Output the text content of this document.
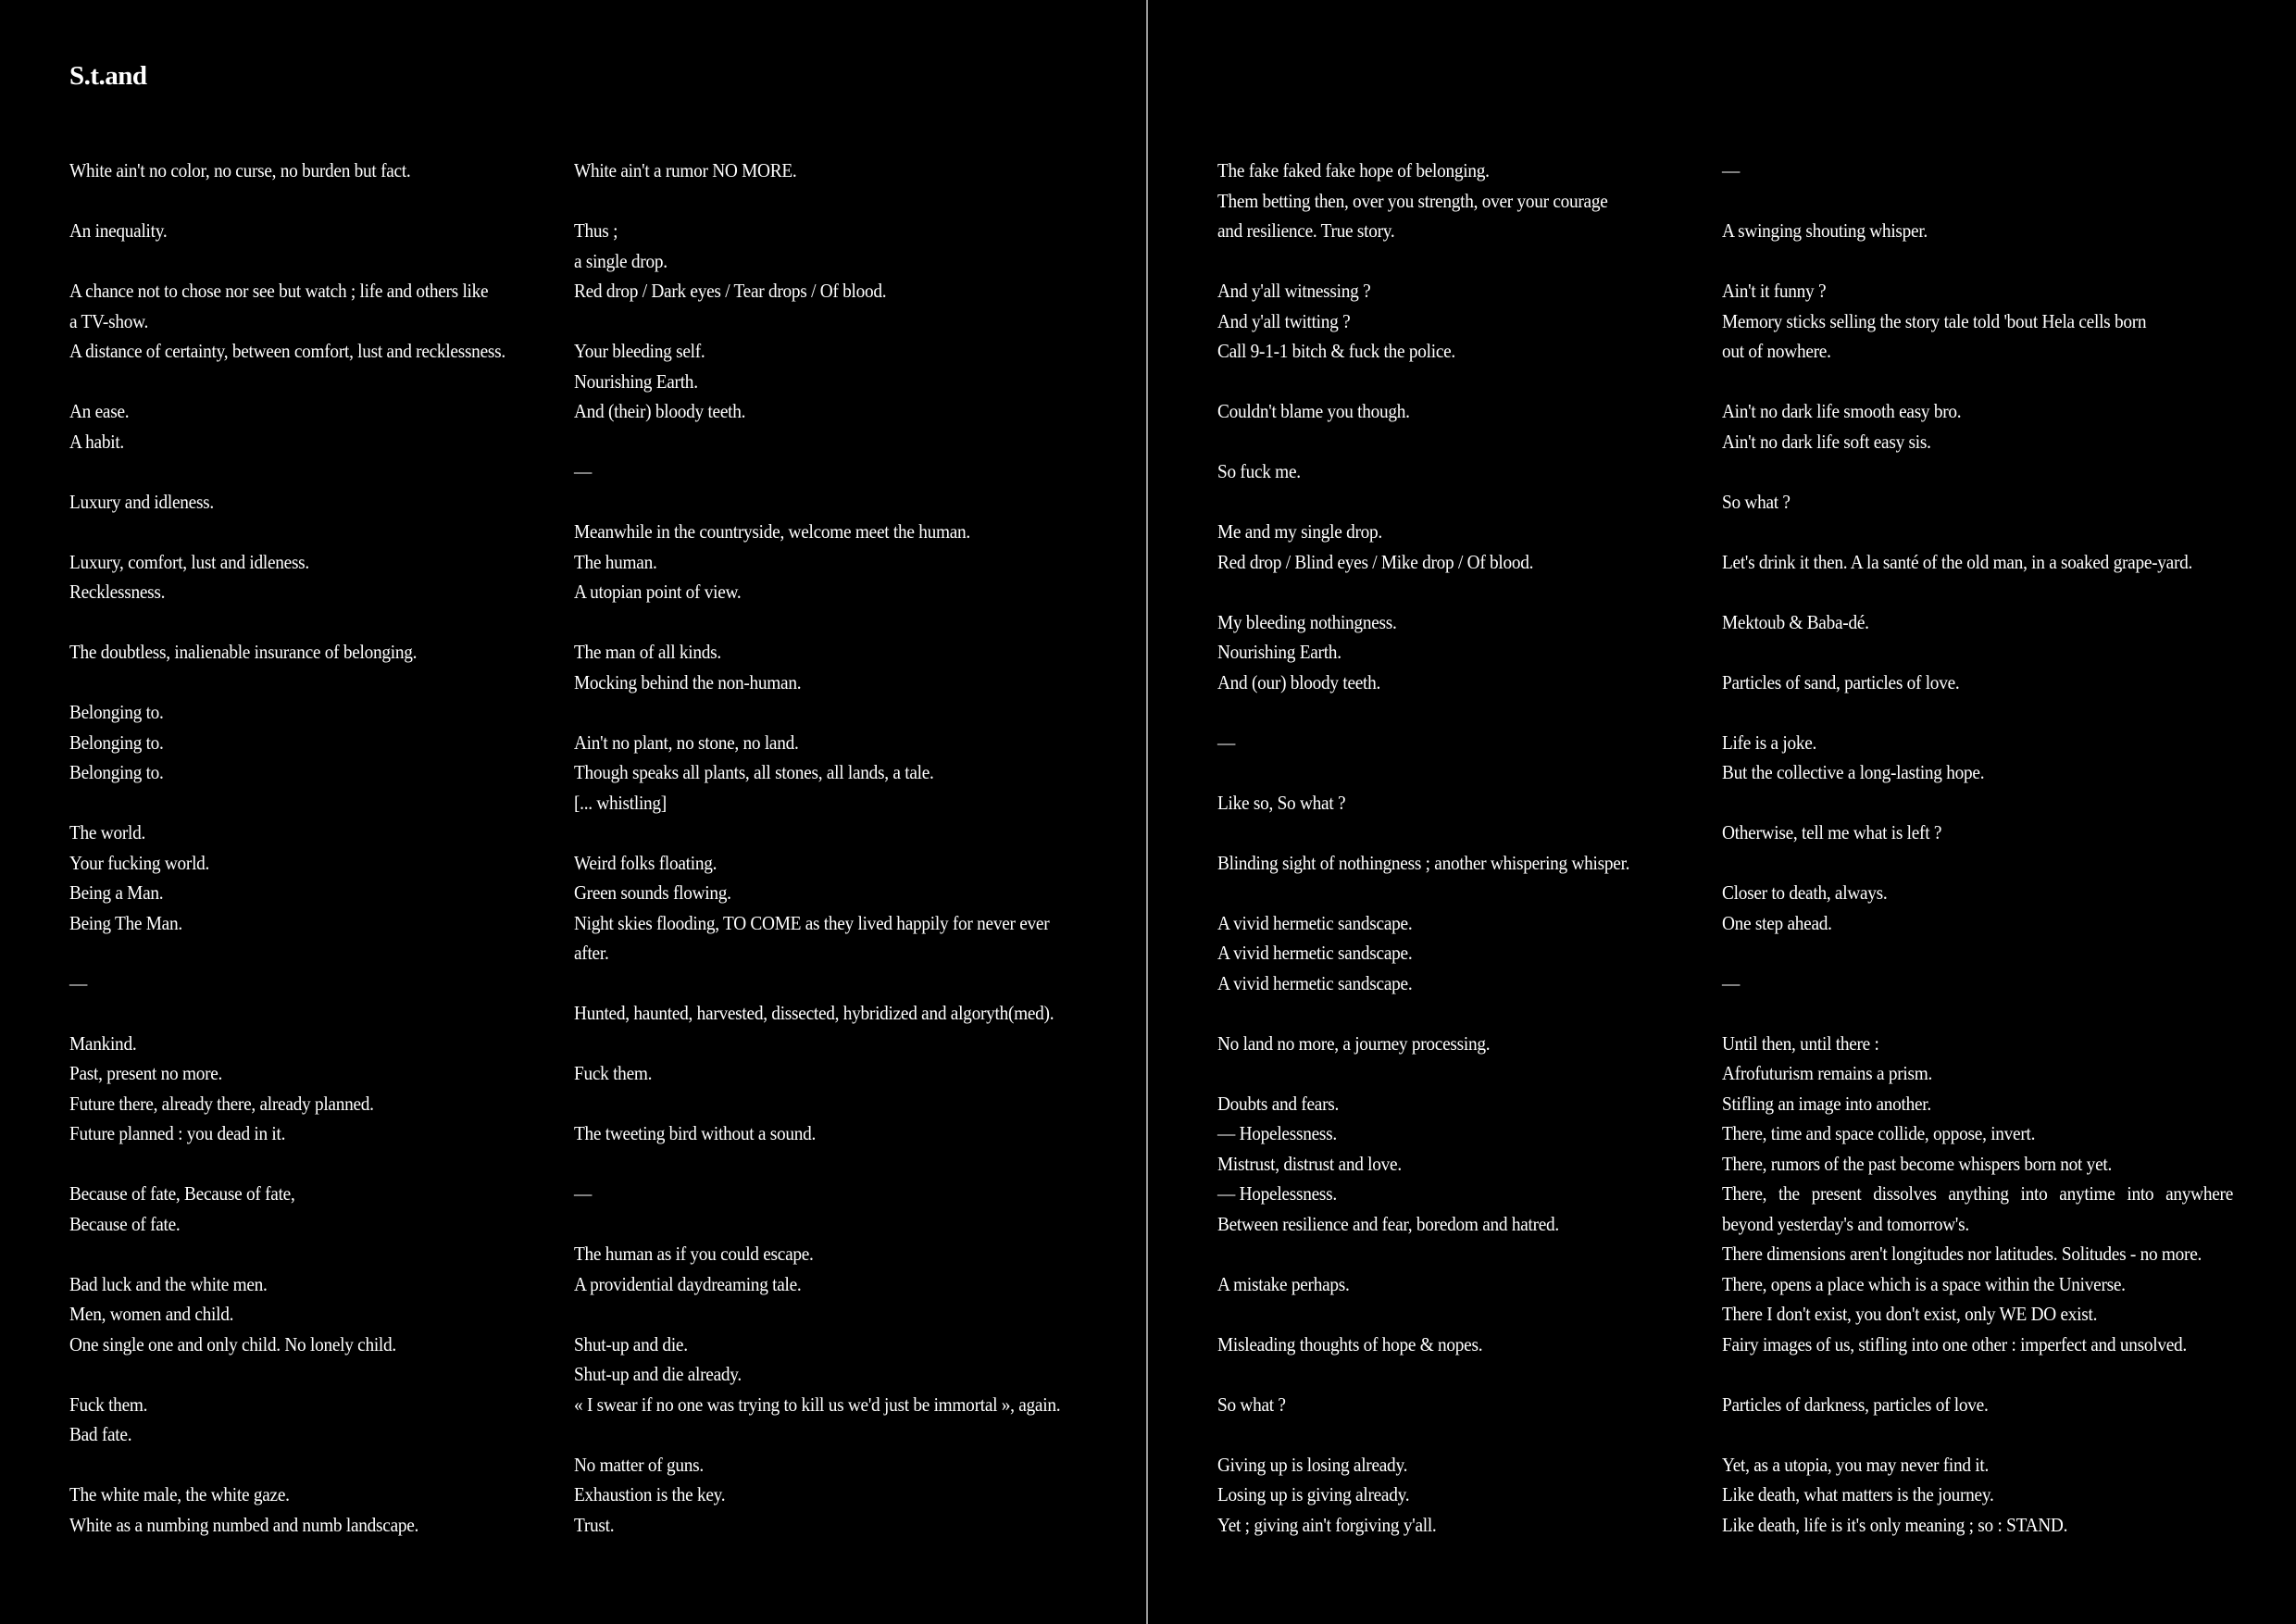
S.t.and
White ain't no color, no curse, no burden but fact.
An inequality.
A chance not to chose nor see but watch ; life and others like
a TV-show.
A distance of certainty, between comfort, lust and recklessness.
An ease.
A habit.
Luxury and idleness.
Luxury, comfort, lust and idleness.
Recklessness.
The doubtless, inalienable insurance of belonging.
Belonging to.
Belonging to.
Belonging to.
The world.
Your fucking world.
Being a Man.
Being The Man.
—
Mankind.
Past, present no more.
Future there, already there, already planned.
Future planned : you dead in it.
Because of fate, Because of fate,
Because of fate.
Bad luck and the white men.
Men, women and child.
One single one and only child. No lonely child.
Fuck them.
Bad fate.
The white male, the white gaze.
White as a numbing numbed and numb landscape.
White ain't a rumor NO MORE.
Thus ;
a single drop.
Red drop / Dark eyes / Tear drops / Of blood.
Your bleeding self.
Nourishing Earth.
And (their) bloody teeth.
—
Meanwhile in the countryside, welcome meet the human.
The human.
A utopian point of view.
The man of all kinds.
Mocking behind the non-human.
Ain't no plant, no stone, no land.
Though speaks all plants, all stones, all lands, a tale.
[... whistling]
Weird folks floating.
Green sounds flowing.
Night skies flooding, TO COME as they lived happily for never ever
after.
Hunted, haunted, harvested, dissected, hybridized and algoryth(med).
Fuck them.
The tweeting bird without a sound.
—
The human as if you could escape.
A providential daydreaming tale.
Shut-up and die.
Shut-up and die already.
« I swear if no one was trying to kill us we'd just be immortal », again.
No matter of guns.
Exhaustion is the key.
Trust.
The fake faked fake hope of belonging.
Them betting then, over you strength, over your courage
and resilience. True story.
And y'all witnessing ?
And y'all twitting ?
Call 9-1-1 bitch & fuck the police.
Couldn't blame you though.
So fuck me.
Me and my single drop.
Red drop / Blind eyes / Mike drop / Of blood.
My bleeding nothingness.
Nourishing Earth.
And (our) bloody teeth.
—
Like so, So what ?
Blinding sight of nothingness ; another whispering whisper.
A vivid hermetic sandscape.
A vivid hermetic sandscape.
A vivid hermetic sandscape.
No land no more, a journey processing.
Doubts and fears.
— Hopelessness.
Mistrust, distrust and love.
— Hopelessness.
Between resilience and fear, boredom and hatred.
A mistake perhaps.
Misleading thoughts of hope & nopes.
So what ?
Giving up is losing already.
Losing up is giving already.
Yet ; giving ain't forgiving y'all.
—
A swinging shouting whisper.
Ain't it funny ?
Memory sticks selling the story tale told 'bout Hela cells born
out of nowhere.
Ain't no dark life smooth easy bro.
Ain't no dark life soft easy sis.
So what ?
Let's drink it then. A la santé of the old man, in a soaked grape-yard.
Mektoub & Baba-dé.
Particles of sand, particles of love.
Life is a joke.
But the collective a long-lasting hope.
Otherwise, tell me what is left ?
Closer to death, always.
One step ahead.
—
Until then, until there :
Afrofuturism remains a prism.
Stifling an image into another.
There, time and space collide, oppose, invert.
There, rumors of the past become whispers born not yet.
There, the present dissolves anything into anytime into anywhere
beyond yesterday's and tomorrow's.
There dimensions aren't longitudes nor latitudes. Solitudes - no more.
There, opens a place which is a space within the Universe.
There I don't exist, you don't exist, only WE DO exist.
Fairy images of us, stifling into one other : imperfect and unsolved.
Particles of darkness, particles of love.
Yet, as a utopia, you may never find it.
Like death, what matters is the journey.
Like death, life is it's only meaning ; so : STAND.
